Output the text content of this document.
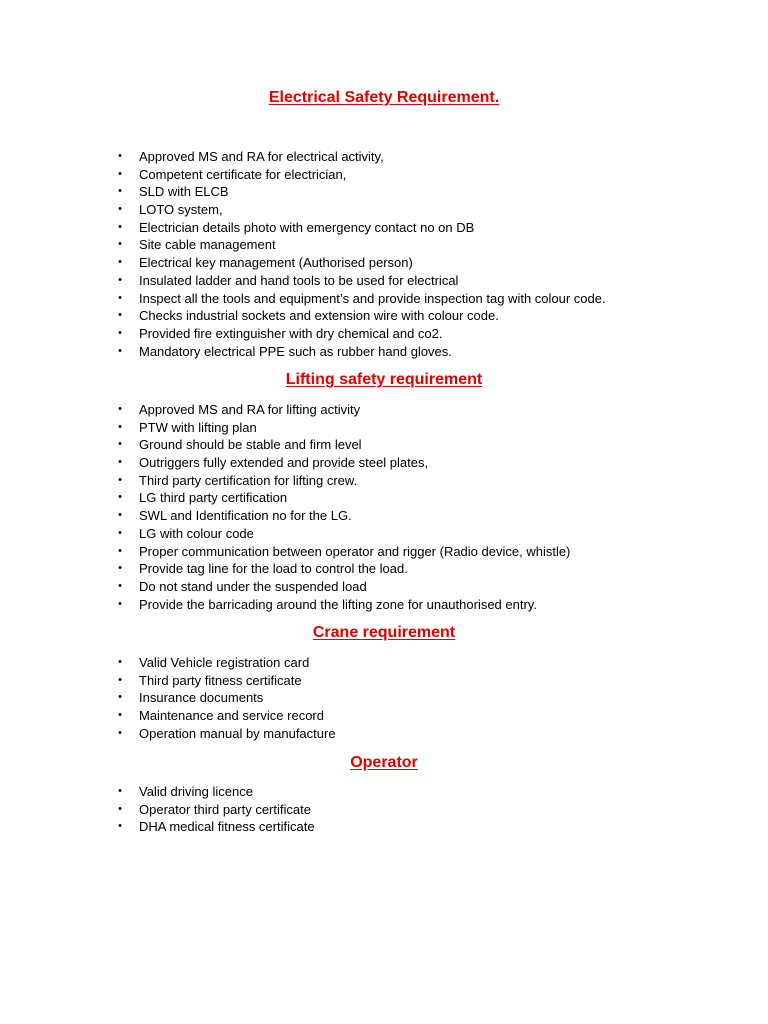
Electrical Safety Requirement.
• Approved MS and RA for electrical activity,
• Competent certificate for electrician,
• SLD with ELCB
• LOTO system,
• Electrician details photo with emergency contact no on DB
• Site cable management
• Electrical key management (Authorised person)
• Insulated ladder and hand tools to be used for electrical
• Inspect all the tools and equipment’s and provide inspection tag with colour code.
• Checks industrial sockets and extension wire with colour code.
• Provided fire extinguisher with dry chemical and co2.
• Mandatory electrical PPE such as rubber hand gloves.
Lifting safety requirement
• Approved MS and RA for lifting activity
• PTW with lifting plan
• Ground should be stable and firm level
• Outriggers fully extended and provide steel plates,
• Third party certification for lifting crew.
• LG third party certification
• SWL and Identification no for the LG.
• LG with colour code
• Proper communication between operator and rigger (Radio device, whistle)
• Provide tag line for the load to control the load.
• Do not stand under the suspended load
• Provide the barricading around the lifting zone for unauthorised entry.
Crane requirement
• Valid Vehicle registration card
• Third party fitness certificate
• Insurance documents
• Maintenance and service record
• Operation manual by manufacture
Operator
• Valid driving licence
• Operator third party certificate
• DHA medical fitness certificate
